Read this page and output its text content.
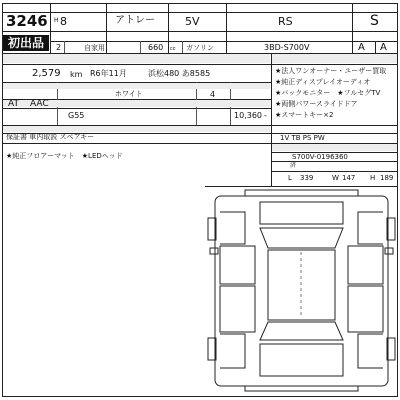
3246
初出品
H 8	アトレー	5V	RS	S
2	自家用	660 cc ガソリン	3BD-S700V	A A
2,579 km R6年11月	浜松480 あ8585
AT AAC
ホワイト	4
G55	10,360 -
保証書 車内取説 スペアキー
★法人ワンオーナー・ユーザー買取
★純正ディスプレイオーディオ
★バックモニター　★フルセグTV
★両側パワースライドドア
★スマートキー×2
1V TB PS PW
★純正フロアーマット　★LEDヘッド	S700V-0196360
済
L 339	W 147 H 189
